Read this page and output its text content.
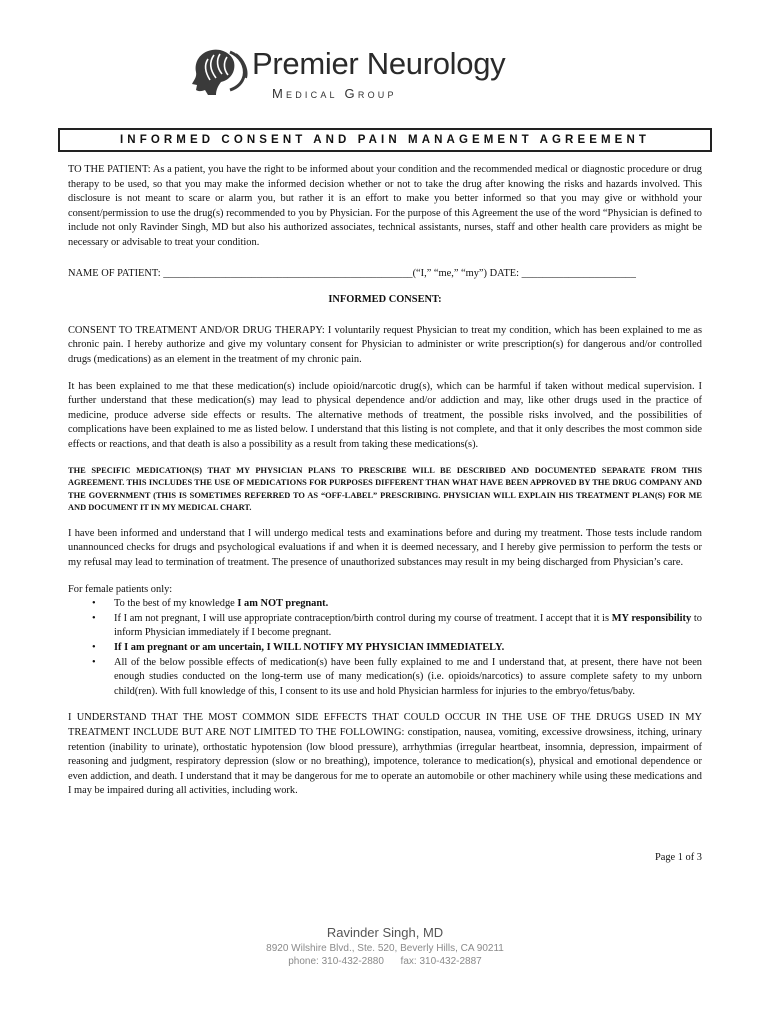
Premier Neurology
Medical Group
INFORMED CONSENT AND PAIN MANAGEMENT AGREEMENT

TO THE PATIENT: As a patient, you have the right to be informed about your condition and the recommended medical or diagnostic procedure or drug therapy to be used, so that you may make the informed decision whether or not to take the drug after knowing the risks and hazards involved. This disclosure is not meant to scare or alarm you, but rather it is an effort to make you better informed so that you may give or withhold your consent/permission to use the drug(s) recommended to you by Physician. For the purpose of this Agreement the use of the word “Physician is defined to include not only Ravinder Singh, MD but also his authorized associates, technical assistants, nurses, staff and other health care providers as might be necessary or advisable to treat your condition.

NAME OF PATIENT: ________________________________________________(“I,” “me,” “my”) DATE: ______________________

INFORMED CONSENT:

CONSENT TO TREATMENT AND/OR DRUG THERAPY: I voluntarily request Physician to treat my condition, which has been explained to me as chronic pain. I hereby authorize and give my voluntary consent for Physician to administer or write prescription(s) for dangerous and/or controlled drugs (medications) as an element in the treatment of my chronic pain.

It has been explained to me that these medication(s) include opioid/narcotic drug(s), which can be harmful if taken without medical supervision. I further understand that these medication(s) may lead to physical dependence and/or addiction and may, like other drugs used in the practice of medicine, produce adverse side effects or results. The alternative methods of treatment, the possible risks involved, and the possibilities of complications have been explained to me as listed below. I understand that this listing is not complete, and that it only describes the most common side effects or reactions, and that death is also a possibility as a result from taking these medications(s).

THE SPECIFIC MEDICATION(S) THAT MY PHYSICIAN PLANS TO PRESCRIBE WILL BE DESCRIBED AND DOCUMENTED SEPARATE FROM THIS AGREEMENT. THIS INCLUDES THE USE OF MEDICATIONS FOR PURPOSES DIFFERENT THAN WHAT HAVE BEEN APPROVED BY THE DRUG COMPANY AND THE GOVERNMENT (THIS IS SOMETIMES REFERRED TO AS “OFF-LABEL” PRESCRIBING. PHYSICIAN WILL EXPLAIN HIS TREATMENT PLAN(S) FOR ME AND DOCUMENT IT IN MY MEDICAL CHART.

I have been informed and understand that I will undergo medical tests and examinations before and during my treatment. Those tests include random unannounced checks for drugs and psychological evaluations if and when it is deemed necessary, and I hereby give permission to perform the tests or my refusal may lead to termination of treatment. The presence of unauthorized substances may result in my being discharged from Physician’s care.

For female patients only:

• To the best of my knowledge I am NOT pregnant.
• If I am not pregnant, I will use appropriate contraception/birth control during my course of treatment. I accept that it is MY responsibility to inform Physician immediately if I become pregnant.
• If I am pregnant or am uncertain, I WILL NOTIFY MY PHYSICIAN IMMEDIATELY.
• All of the below possible effects of medication(s) have been fully explained to me and I understand that, at present, there have not been enough studies conducted on the long-term use of many medication(s) (i.e. opioids/narcotics) to assure complete safety to my unborn child(ren). With full knowledge of this, I consent to its use and hold Physician harmless for injuries to the embryo/fetus/baby.

I UNDERSTAND THAT THE MOST COMMON SIDE EFFECTS THAT COULD OCCUR IN THE USE OF THE DRUGS USED IN MY TREATMENT INCLUDE BUT ARE NOT LIMITED TO THE FOLLOWING: constipation, nausea, vomiting, excessive drowsiness, itching, urinary retention (inability to urinate), orthostatic hypotension (low blood pressure), arrhythmias (irregular heartbeat, insomnia, depression, impairment of reasoning and judgment, respiratory depression (slow or no breathing), impotence, tolerance to medication(s), physical and emotional dependence or even addiction, and death. I understand that it may be dangerous for me to operate an automobile or other machinery while using these medications and I may be impaired during all activities, including work.

Page 1 of 3
Ravinder Singh, MD
8920 Wilshire Blvd., Ste. 520, Beverly Hills, CA 90211
phone: 310-432-2880      fax: 310-432-2887
